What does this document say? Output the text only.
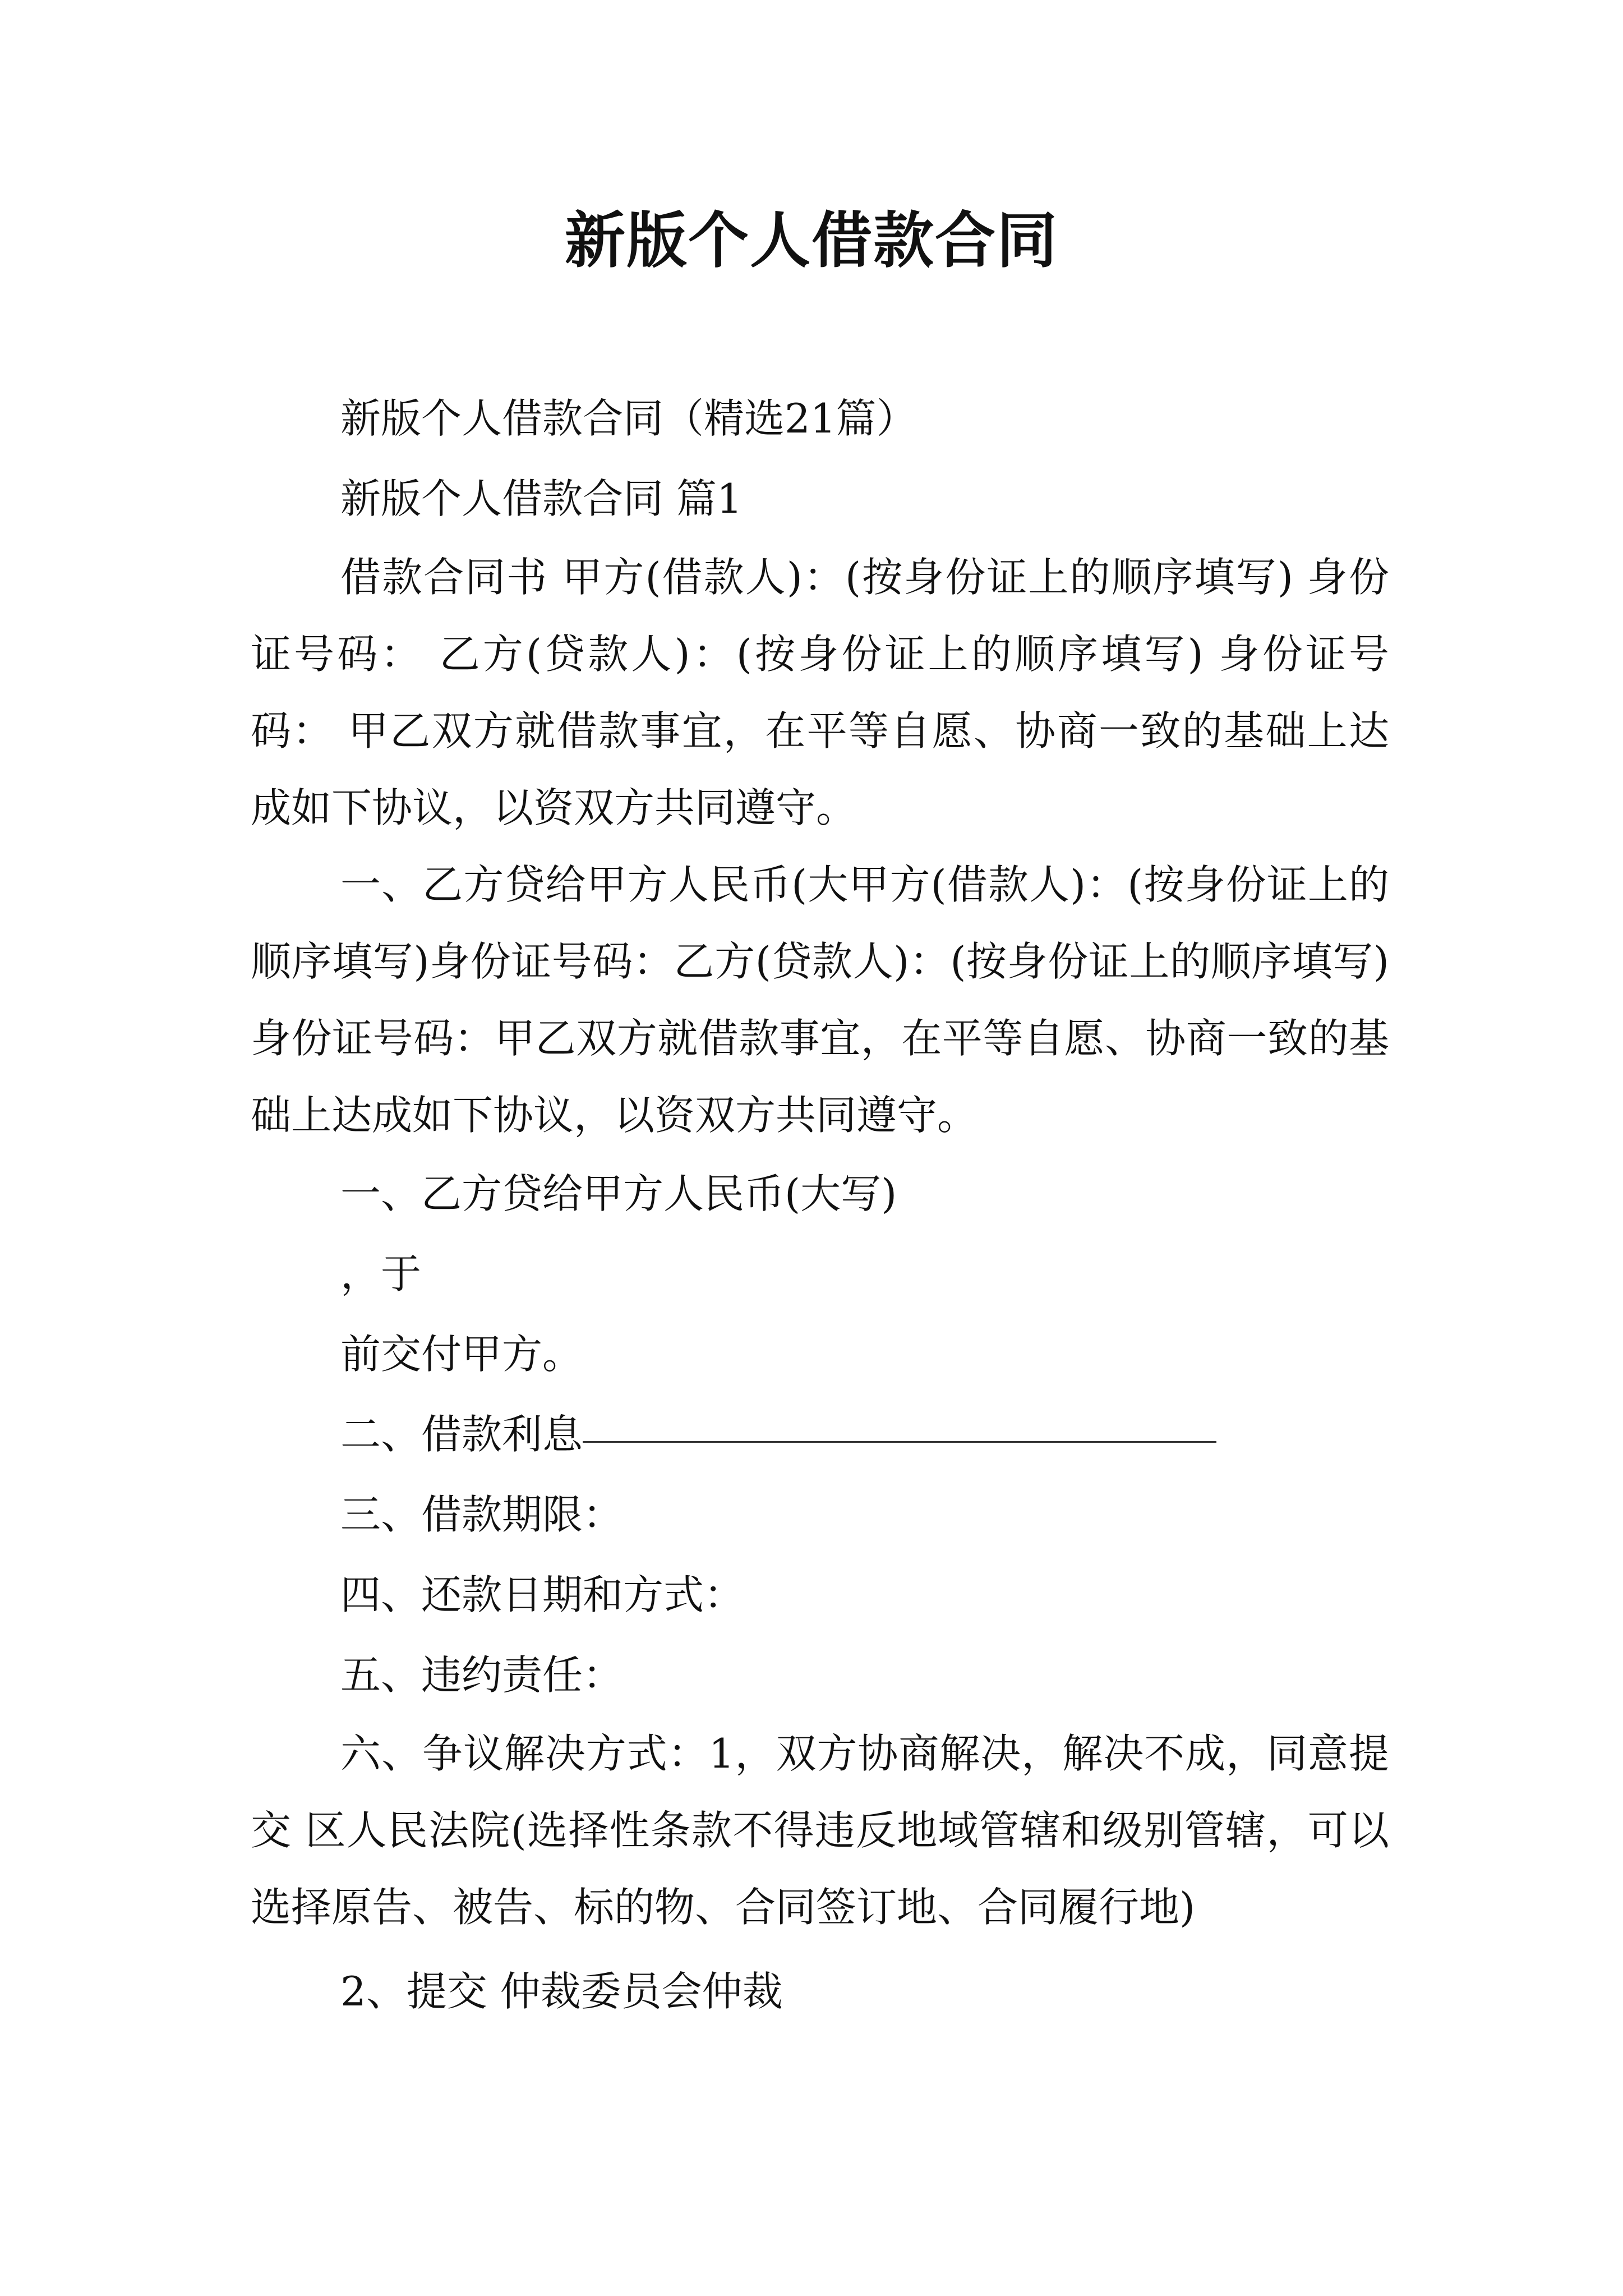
新版个人借款合同

新版个人借款合同（精选21篇）

新版个人借款合同 篇1

借款合同书 甲方(借款人)：(按身份证上的顺序填写) 身份证号码： 乙方(贷款人)：(按身份证上的顺序填写) 身份证号码： 甲乙双方就借款事宜，在平等自愿、协商一致的基础上达成如下协议，以资双方共同遵守。

一、乙方贷给甲方人民币(大甲方(借款人)：(按身份证上的顺序填写)身份证号码：乙方(贷款人)：(按身份证上的顺序填写)身份证号码：甲乙双方就借款事宜，在平等自愿、协商一致的基础上达成如下协议，以资双方共同遵守。

一、乙方贷给甲方人民币(大写)

，于

前交付甲方。

二、借款利息

三、借款期限：

四、还款日期和方式：

五、违约责任：

六、争议解决方式：1，双方协商解决，解决不成，同意提交 区人民法院(选择性条款不得违反地域管辖和级别管辖，可以选择原告、被告、标的物、合同签订地、合同履行地)

2、提交 仲裁委员会仲裁
